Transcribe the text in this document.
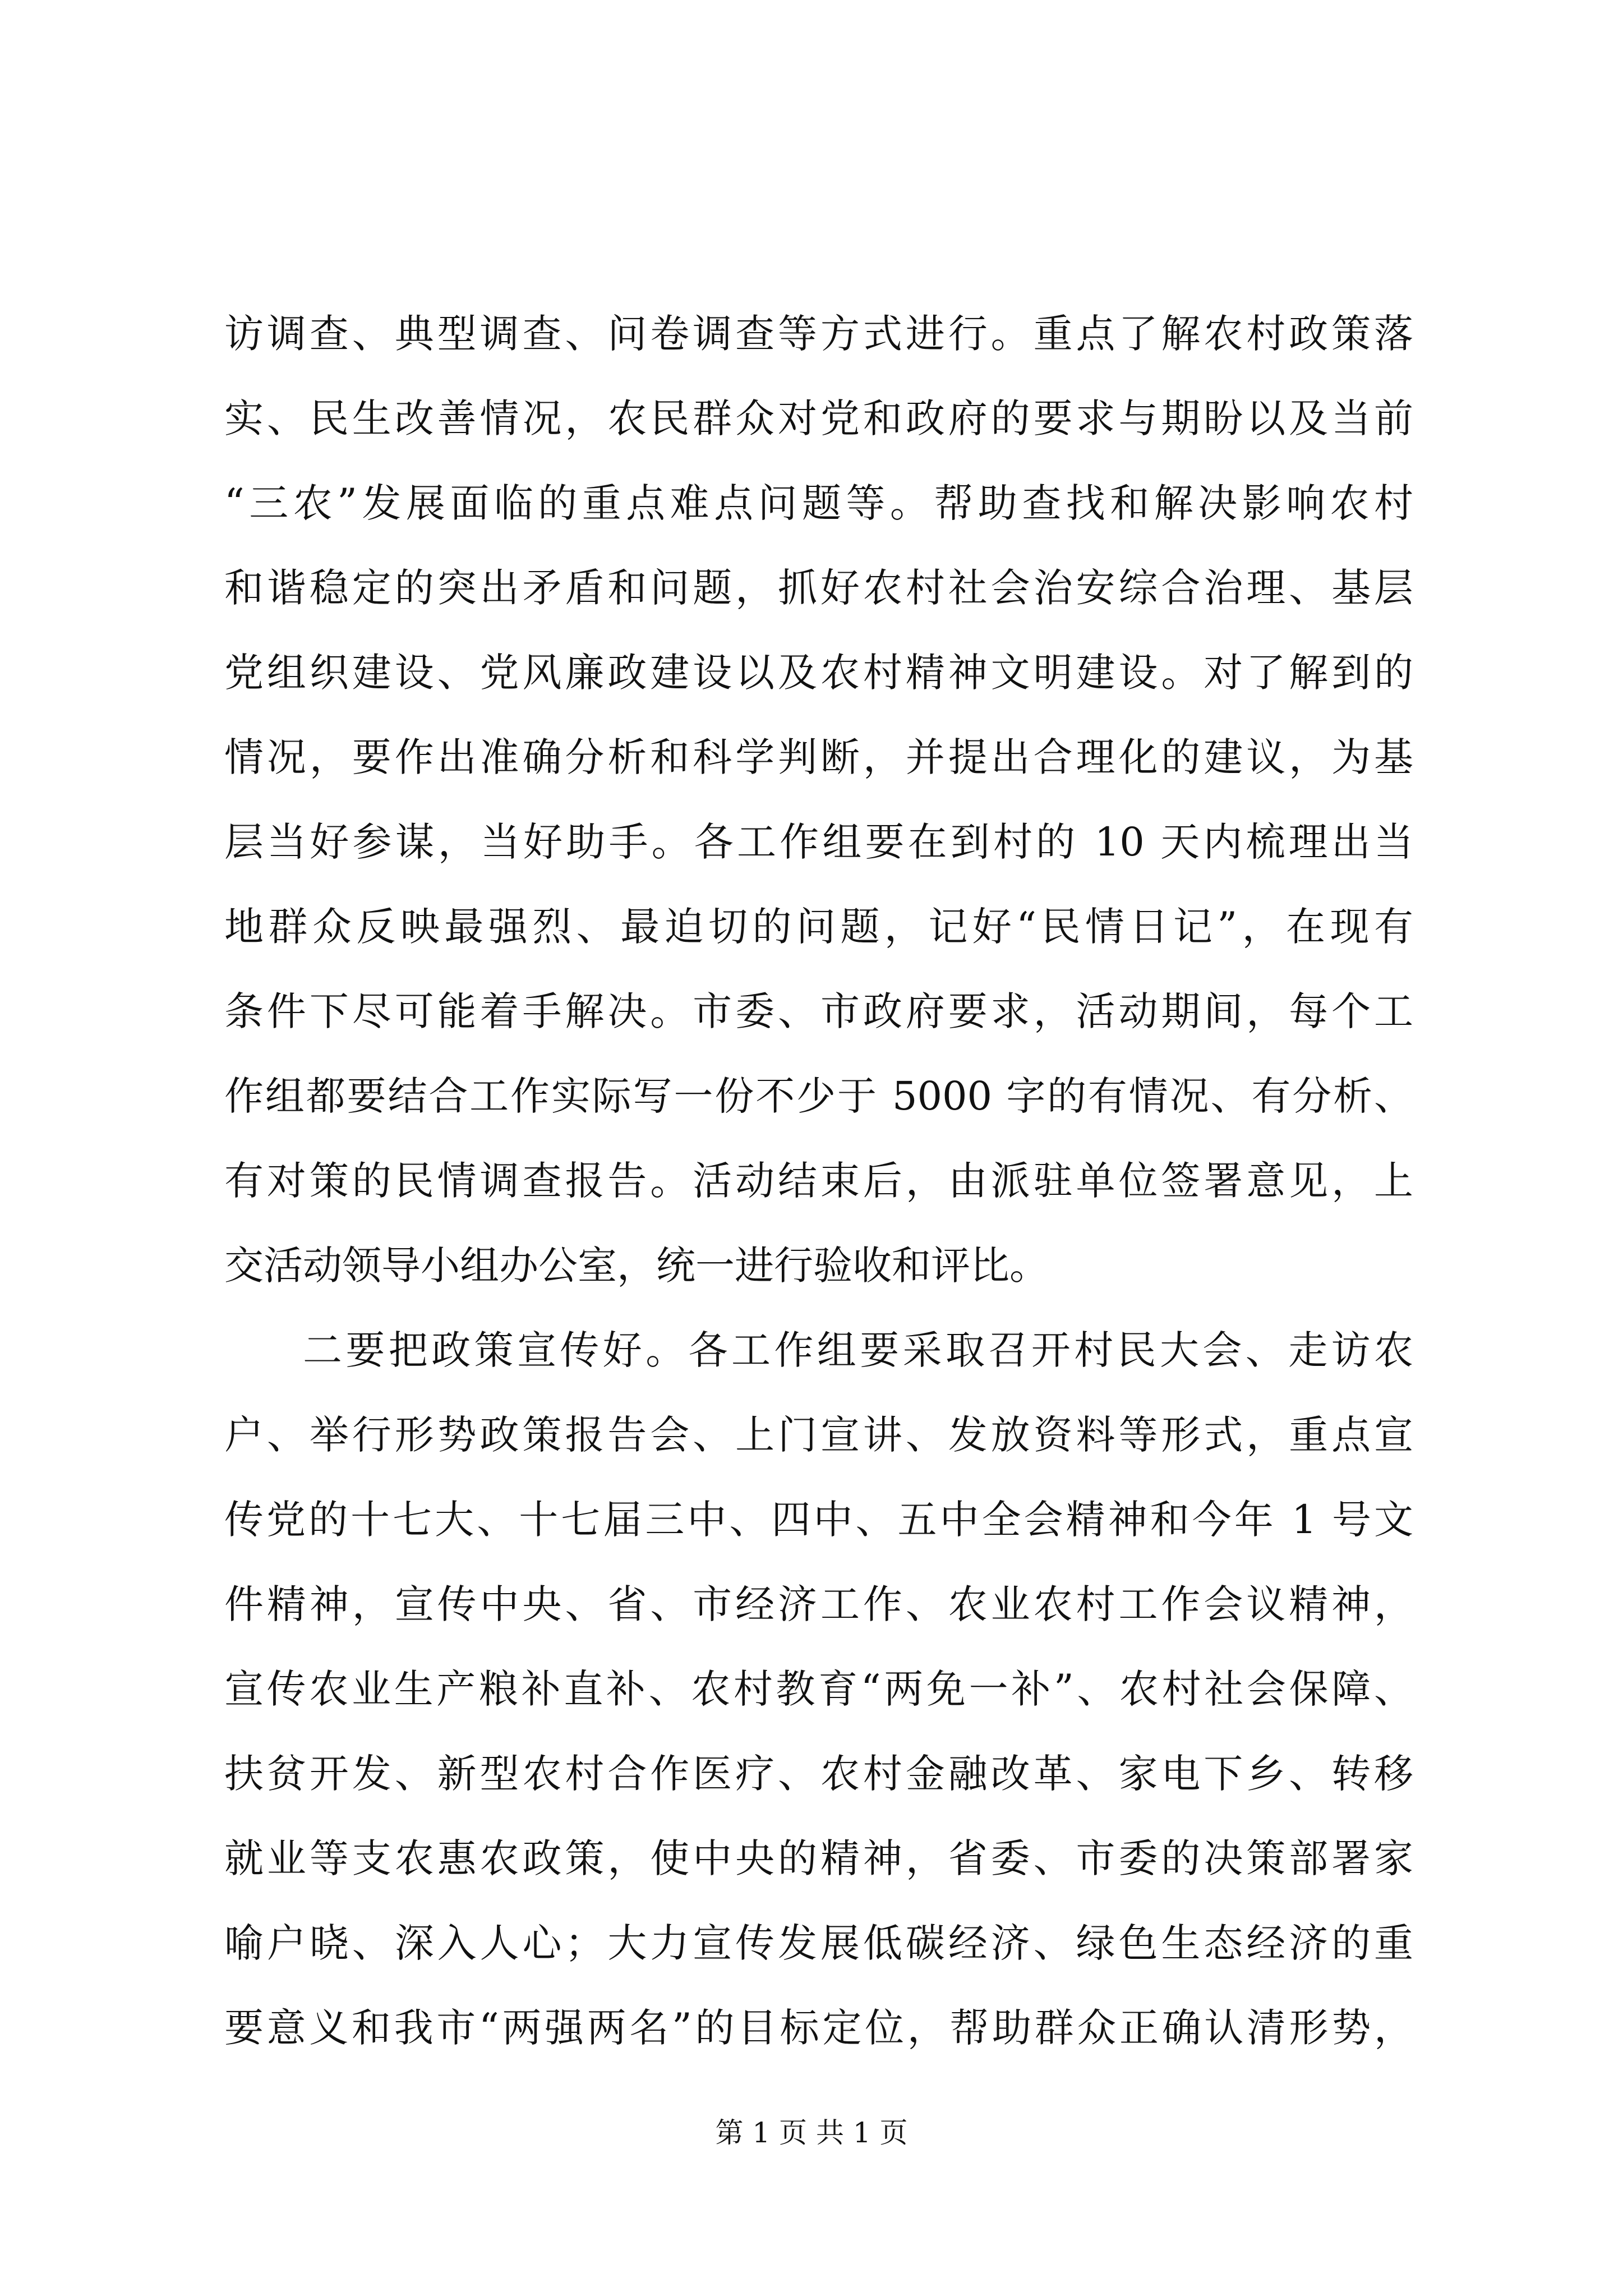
访调查、典型调查、问卷调查等方式进行。重点了解农村政策落
实、民生改善情况，农民群众对党和政府的要求与期盼以及当前
“三农”发展面临的重点难点问题等。帮助查找和解决影响农村
和谐稳定的突出矛盾和问题，抓好农村社会治安综合治理、基层
党组织建设、党风廉政建设以及农村精神文明建设。对了解到的
情况，要作出准确分析和科学判断，并提出合理化的建议，为基
层当好参谋，当好助手。各工作组要在到村的 10 天内梳理出当
地群众反映最强烈、最迫切的问题，记好“民情日记”，在现有
条件下尽可能着手解决。市委、市政府要求，活动期间，每个工
作组都要结合工作实际写一份不少于 5000 字的有情况、有分析、
有对策的民情调查报告。活动结束后，由派驻单位签署意见，上
交活动领导小组办公室，统一进行验收和评比。
二要把政策宣传好。各工作组要采取召开村民大会、走访农
户、举行形势政策报告会、上门宣讲、发放资料等形式，重点宣
传党的十七大、十七届三中、四中、五中全会精神和今年 1 号文
件精神，宣传中央、省、市经济工作、农业农村工作会议精神，
宣传农业生产粮补直补、农村教育“两免一补”、农村社会保障、
扶贫开发、新型农村合作医疗、农村金融改革、家电下乡、转移
就业等支农惠农政策，使中央的精神，省委、市委的决策部署家
喻户晓、深入人心；大力宣传发展低碳经济、绿色生态经济的重
要意义和我市“两强两名”的目标定位，帮助群众正确认清形势，
第 1 页 共 1 页
